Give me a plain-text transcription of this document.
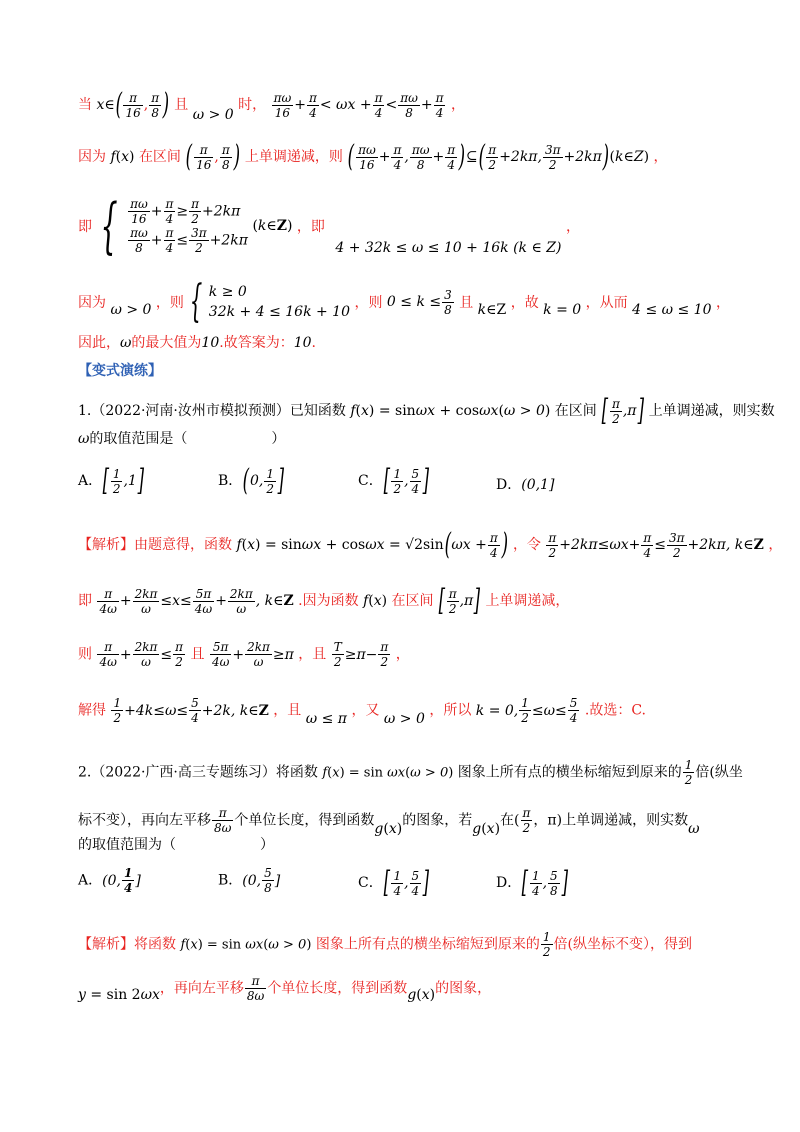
当 x∈( $\frac{\pi}{16}$ , $\frac{\pi}{8}$ ) 且 ω > 0 时， $\frac{\pi\omega}{16} + \frac{\pi}{4} < \omega x + \frac{\pi}{4} < \frac{\pi\omega}{8} + \frac{\pi}{4}$ ，
因为 f(x) 在区间 ( $\frac{\pi}{16}$ , $\frac{\pi}{8}$ ) 上单调递减，则 ( $\frac{\pi\omega}{16} + \frac{\pi}{4}$ , $\frac{\pi\omega}{8} + \frac{\pi}{4}$ )⊆( $\frac{\pi}{2} +2k\pi$, $\frac{3\pi}{2}$ +2kπ)(k∈Z) ，
即 { $\frac{\pi\omega}{16} + \frac{\pi}{4} \ge \frac{\pi}{2} +2k\pi$
$\frac{\pi\omega}{8} + \frac{\pi}{4} \le \frac{3\pi}{2} +2k\pi$
(k∈Z) ，即 4 + 32k ≤ ω ≤ 10 + 16k (k ∈ Z) ，
因为 ω > 0 ，则 { k ≥ 0
32k + 4 ≤ 16k + 10
，则 $0 \le k \le \frac{3}{8}$ 且 k∈Z ，故 k = 0 ，从而 4 ≤ ω ≤ 10 ，
因此，ω的最大值为10.故答案为：10.
【变式演练】
1.（2022·河南·汝州市模拟预测）已知函数 f(x) = sinωx + cosωx(ω > 0) 在区间 [ $\frac{\pi}{2} ,\pi$] 上单调递减，则实数
ω的取值范围是（　　　　　　）
A．[ $\frac{1}{2} ,1$]	B．(0, $\frac{1}{2}$ ]	C．[ $\frac{1}{2}$ , $\frac{5}{4}$ ]	D．(0,1]
【解析】由题意得，函数 $f(x) = \sin\omega x + \cos\omega x = √2\sin(\omega x + \frac{\pi}{4}$ ) ，令 $\frac{\pi}{2} +2k\pi\le\omega x+ \frac{\pi}{4} \le \frac{3\pi}{2} +2k\pi$, k∈Z ，
即 $\frac{\pi}{4\omega} + \frac{2k\pi}{\omega} \le x\le \frac{5\pi}{4\omega} + \frac{2k\pi}{\omega}$ , k∈Z .因为函数 f(x) 在区间 [ $\frac{\pi}{2} ,\pi$] 上单调递减，
则 $\frac{\pi}{4\omega} + \frac{2k\pi}{\omega} \le \frac{\pi}{2}$ 且 $\frac{5\pi}{4\omega} + \frac{2k\pi}{\omega} \ge\pi$ ，且 $\frac{T}{2} \ge\pi- \frac{\pi}{2}$ ，
解得 $\frac{1}{2} +4k\le\omega\le \frac{5}{4} +2k$, k∈Z ，且 ω ≤ π ，又 ω > 0 ，所以 k = 0, $\frac{1}{2} \le\omega\le \frac{5}{4}$ .故选：C.
2.（2022·广西·高三专题练习）将函数 f(x) = sin ωx(ω > 0) 图象上所有点的横坐标缩短到原来的 $\frac{1}{2}$ 倍(纵坐
标不变），再向左平移 $\frac{\pi}{8\omega}$ 个单位长度，得到函数g(x)的图象，若g(x)在( $\frac{\pi}{2}$ ，π)上单调递减，则实数ω
的取值范围为（　　　　　　）
A．(0, $\frac{1}{4}$ ]	B．(0, $\frac{5}{8}$ ]	C．[ $\frac{1}{4}$ , $\frac{5}{4}$ ]	D．[ $\frac{1}{4}$ , $\frac{5}{8}$ ]
【解析】将函数 f(x) = sin ωx(ω > 0) 图象上所有点的横坐标缩短到原来的 $\frac{1}{2}$ 倍(纵坐标不变），得到
y = sin 2ωx，再向左平移 $\frac{\pi}{8\omega}$ 个单位长度，得到函数g(x)的图象，
